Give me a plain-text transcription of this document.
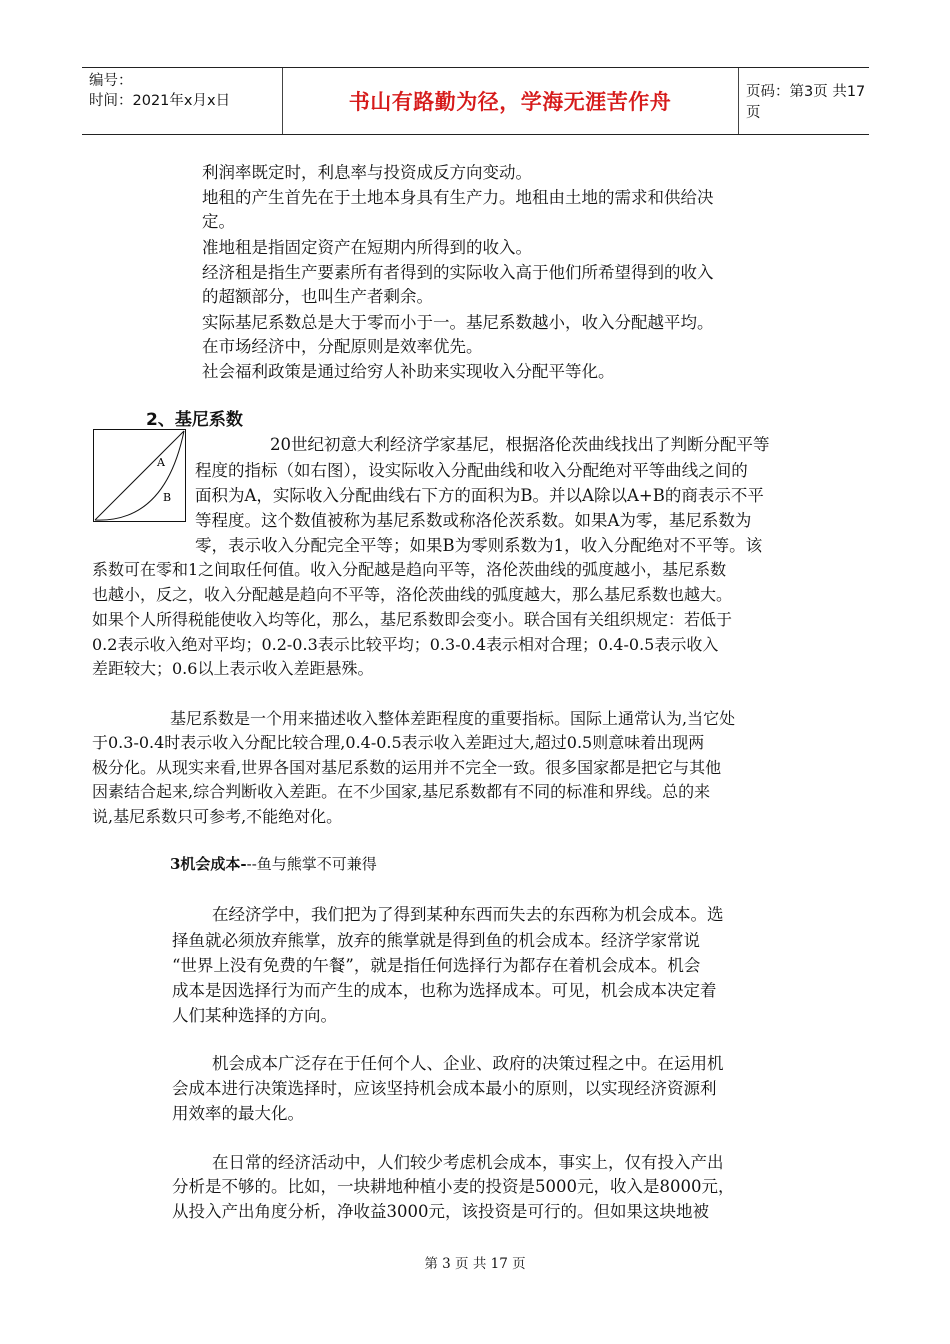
编号：
时间：2021年x月x日	书山有路勤为径，学海无涯苦作舟	页码：第3页 共17页
利润率既定时，利息率与投资成反方向变动。
地租的产生首先在于土地本身具有生产力。地租由土地的需求和供给决
定。
准地租是指固定资产在短期内所得到的收入。
经济租是指生产要素所有者得到的实际收入高于他们所希望得到的收入
的超额部分，也叫生产者剩余。
实际基尼系数总是大于零而小于一。基尼系数越小，收入分配越平均。
在市场经济中，分配原则是效率优先。
社会福利政策是通过给穷人补助来实现收入分配平等化。
2、基尼系数
A
B
20世纪初意大利经济学家基尼，根据洛伦茨曲线找出了判断分配平等
程度的指标（如右图），设实际收入分配曲线和收入分配绝对平等曲线之间的
面积为A，实际收入分配曲线右下方的面积为B。并以A除以A+B的商表示不平
等程度。这个数值被称为基尼系数或称洛伦茨系数。如果A为零，基尼系数为
零，表示收入分配完全平等；如果B为零则系数为1，收入分配绝对不平等。该
系数可在零和1之间取任何值。收入分配越是趋向平等，洛伦茨曲线的弧度越小，基尼系数
也越小，反之，收入分配越是趋向不平等，洛伦茨曲线的弧度越大，那么基尼系数也越大。
如果个人所得税能使收入均等化，那么，基尼系数即会变小。联合国有关组织规定：若低于
0.2表示收入绝对平均；0.2-0.3表示比较平均；0.3-0.4表示相对合理；0.4-0.5表示收入
差距较大；0.6以上表示收入差距悬殊。
基尼系数是一个用来描述收入整体差距程度的重要指标。国际上通常认为,当它处
于0.3-0.4时表示收入分配比较合理,0.4-0.5表示收入差距过大,超过0.5则意味着出现两
极分化。从现实来看,世界各国对基尼系数的运用并不完全一致。很多国家都是把它与其他
因素结合起来,综合判断收入差距。在不少国家,基尼系数都有不同的标准和界线。总的来
说,基尼系数只可参考,不能绝对化。
3机会成本---鱼与熊掌不可兼得
在经济学中，我们把为了得到某种东西而失去的东西称为机会成本。选
择鱼就必须放弃熊掌，放弃的熊掌就是得到鱼的机会成本。经济学家常说
“世界上没有免费的午餐”，就是指任何选择行为都存在着机会成本。机会
成本是因选择行为而产生的成本，也称为选择成本。可见，机会成本决定着
人们某种选择的方向。
机会成本广泛存在于任何个人、企业、政府的决策过程之中。在运用机
会成本进行决策选择时，应该坚持机会成本最小的原则，以实现经济资源利
用效率的最大化。
在日常的经济活动中，人们较少考虑机会成本，事实上，仅有投入产出
分析是不够的。比如，一块耕地种植小麦的投资是5000元，收入是8000元，
从投入产出角度分析，净收益3000元，该投资是可行的。但如果这块地被
第 3 页 共 17 页
